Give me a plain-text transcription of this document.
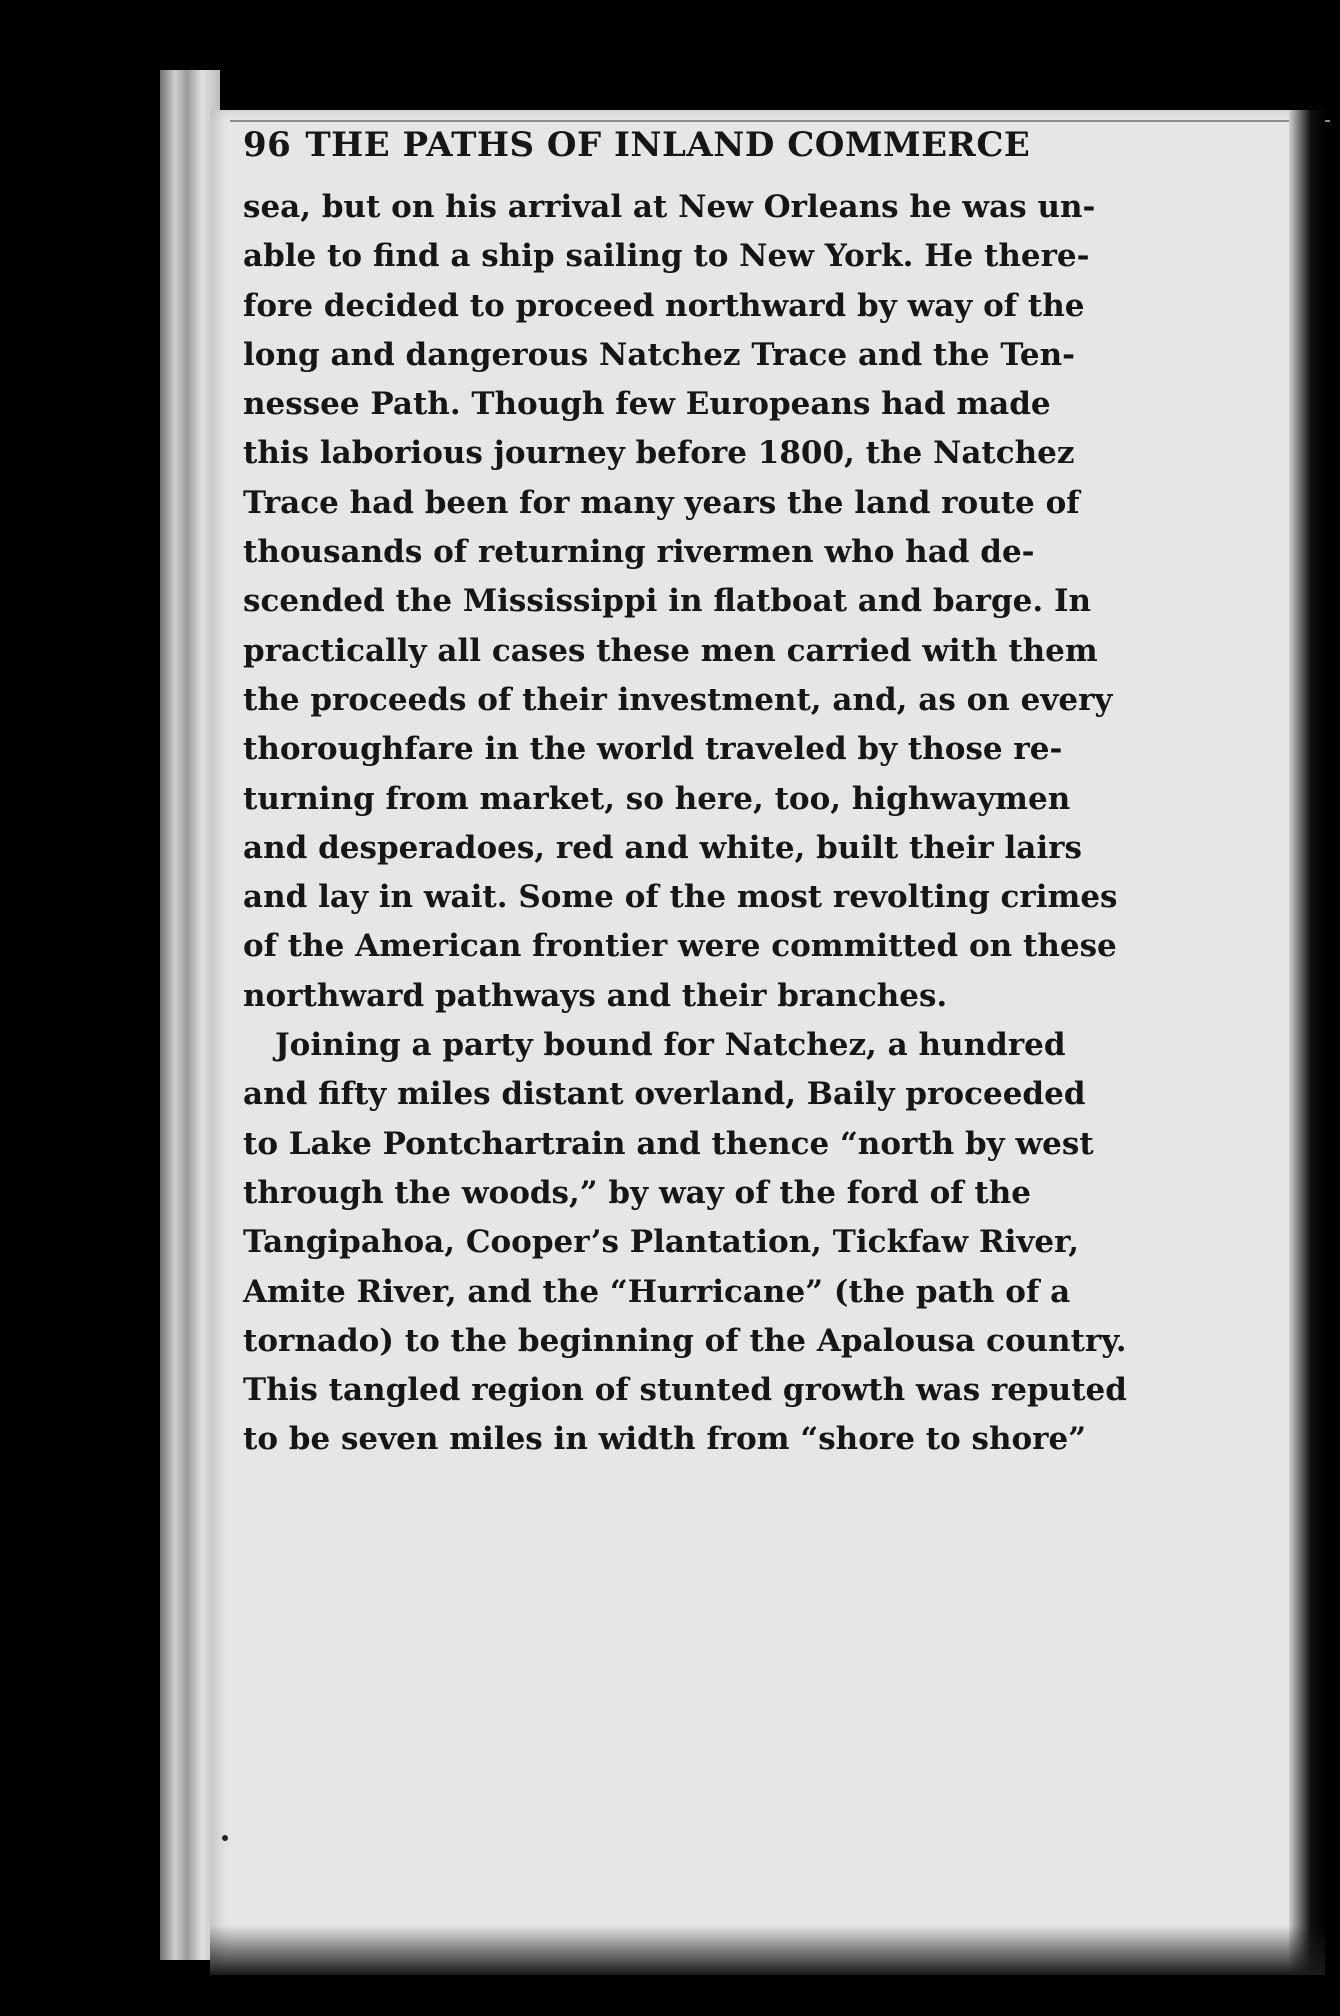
96 THE PATHS OF INLAND COMMERCE
sea, but on his arrival at New Orleans he was un-
able to find a ship sailing to New York. He there-
fore decided to proceed northward by way of the
long and dangerous Natchez Trace and the Ten-
nessee Path. Though few Europeans had made
this laborious journey before 1800, the Natchez
Trace had been for many years the land route of
thousands of returning rivermen who had de-
scended the Mississippi in flatboat and barge. In
practically all cases these men carried with them
the proceeds of their investment, and, as on every
thoroughfare in the world traveled by those re-
turning from market, so here, too, highwaymen
and desperadoes, red and white, built their lairs
and lay in wait. Some of the most revolting crimes
of the American frontier were committed on these
northward pathways and their branches.
Joining a party bound for Natchez, a hundred
and fifty miles distant overland, Baily proceeded
to Lake Pontchartrain and thence “north by west
through the woods,” by way of the ford of the
Tangipahoa, Cooper’s Plantation, Tickfaw River,
Amite River, and the “Hurricane” (the path of a
tornado) to the beginning of the Apalousa country.
This tangled region of stunted growth was reputed
to be seven miles in width from “shore to shore”
